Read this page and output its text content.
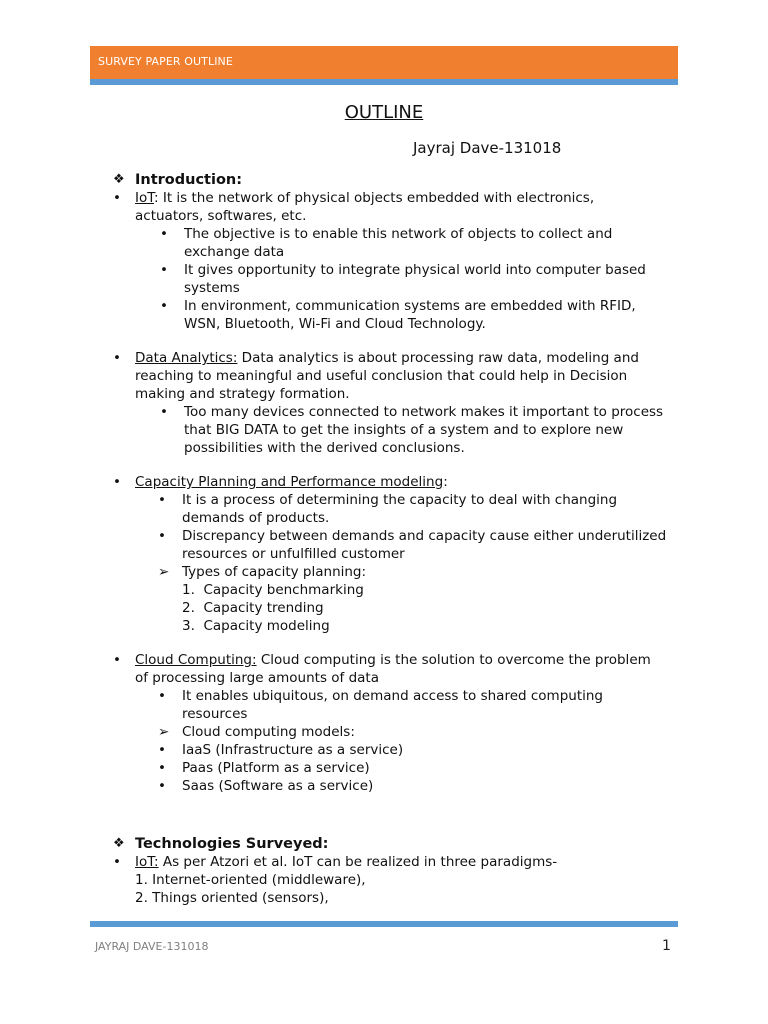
SURVEY PAPER OUTLINE
OUTLINE
Jayraj Dave-131018
❖ Introduction:
•	IoT: It is the network of physical objects embedded with electronics,
actuators, softwares, etc.
•	The objective is to enable this network of objects to collect and
exchange data
•	It gives opportunity to integrate physical world into computer based
systems
•	In environment, communication systems are embedded with RFID,
WSN, Bluetooth, Wi-Fi and Cloud Technology.
•	Data Analytics: Data analytics is about processing raw data, modeling and
reaching to meaningful and useful conclusion that could help in Decision
making and strategy formation.
•	Too many devices connected to network makes it important to process
that BIG DATA to get the insights of a system and to explore new
possibilities with the derived conclusions.
•	Capacity Planning and Performance modeling:
•	It is a process of determining the capacity to deal with changing
demands of products.
•	Discrepancy between demands and capacity cause either underutilized
resources or unfulfilled customer
➢ Types of capacity planning:
1.  Capacity benchmarking
2.  Capacity trending
3.  Capacity modeling
•	Cloud Computing: Cloud computing is the solution to overcome the problem
of processing large amounts of data
•	It enables ubiquitous, on demand access to shared computing
resources
➢ Cloud computing models:
•	IaaS (Infrastructure as a service)
•	Paas (Platform as a service)
•	Saas (Software as a service)
❖ Technologies Surveyed:
•	IoT: As per Atzori et al. IoT can be realized in three paradigms-
1. Internet-oriented (middleware),
2. Things oriented (sensors),
JAYRAJ DAVE-131018	1
